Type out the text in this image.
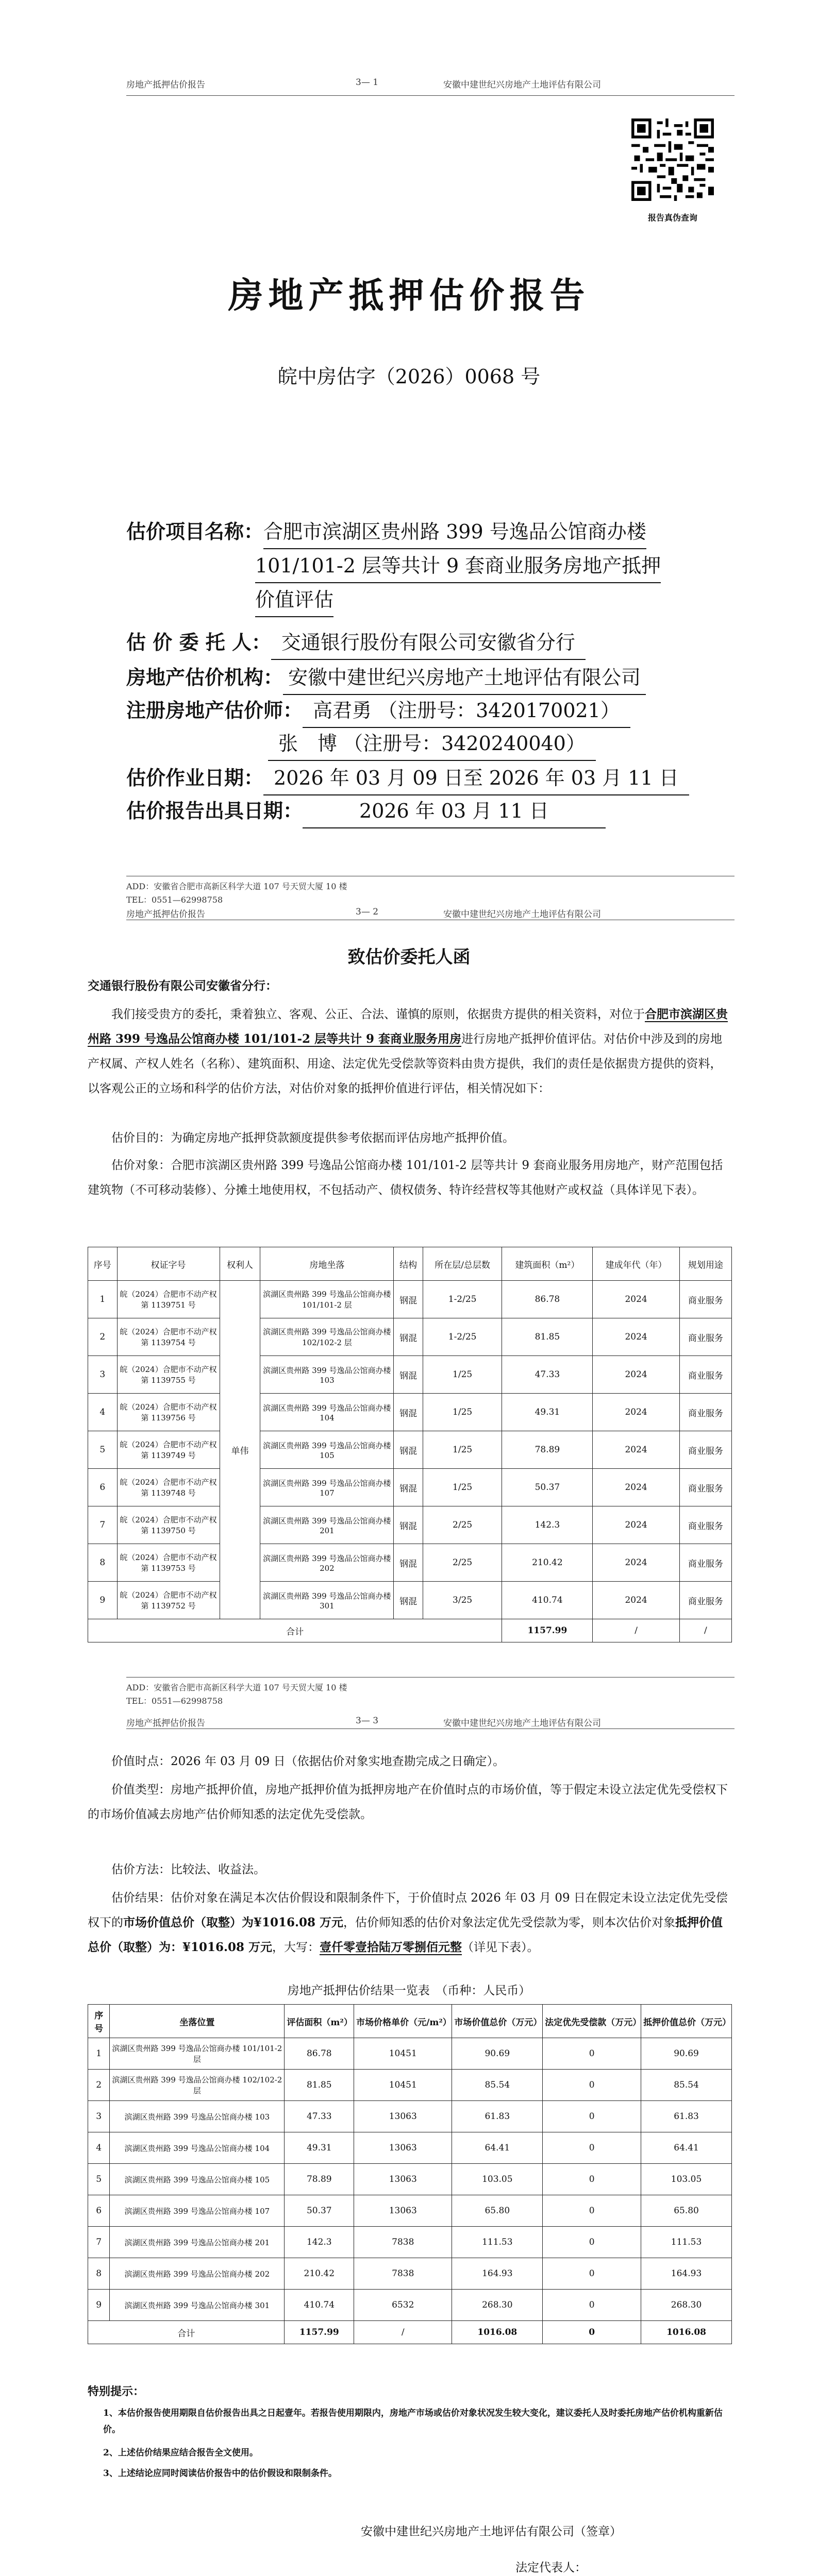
房地产抵押估价报告	3— 1	安徽中建世纪兴房地产土地评估有限公司
报告真伪查询
房地产抵押估价报告
皖中房估字（2026）0068 号
估价项目名称：合肥市滨湖区贵州路 399 号逸品公馆商办楼
101/101-2 层等共计 9 套商业服务房地产抵押
价值评估
估 价 委 托 人： 交通银行股份有限公司安徽省分行
房地产估价机构： 安徽中建世纪兴房地产土地评估有限公司
注册房地产估价师： 高君勇 （注册号：3420170021）
张　博 （注册号：3420240040）
估价作业日期： 2026 年 03 月 09 日至 2026 年 03 月 11 日
估价报告出具日期：	2026 年 03 月 11 日
ADD：安徽省合肥市高新区科学大道 107 号天贸大厦 10 楼
TEL：0551—62998758
房地产抵押估价报告	3— 2	安徽中建世纪兴房地产土地评估有限公司
致估价委托人函
交通银行股份有限公司安徽省分行：
我们接受贵方的委托，秉着独立、客观、公正、合法、谨慎的原则，依据贵方提供的相关资料，对位于合肥市滨湖区贵州路 399 号逸品公馆商办楼 101/101-2 层等共计 9 套商业服务用房进行房地产抵押价值评估。对估价中涉及到的房地产权属、产权人姓名（名称）、建筑面积、用途、法定优先受偿款等资料由贵方提供，我们的责任是依据贵方提供的资料，以客观公正的立场和科学的估价方法，对估价对象的抵押价值进行评估，相关情况如下：
估价目的：为确定房地产抵押贷款额度提供参考依据而评估房地产抵押价值。
估价对象：合肥市滨湖区贵州路 399 号逸品公馆商办楼 101/101-2 层等共计 9 套商业服务用房地产，财产范围包括建筑物（不可移动装修）、分摊土地使用权，不包括动产、债权债务、特许经营权等其他财产或权益（具体详见下表）。
序号	权证字号	权利人	房地坐落	结构	所在层/总层数	建筑面积（m²）	建成年代（年）	规划用途
1	皖（2024）合肥市不动产权第 1139751 号	单伟	滨湖区贵州路 399 号逸品公馆商办楼 101/101-2 层	钢混	1-2/25	86.78	2024	商业服务
2	皖（2024）合肥市不动产权第 1139754 号		滨湖区贵州路 399 号逸品公馆商办楼 102/102-2 层	钢混	1-2/25	81.85	2024	商业服务
3	皖（2024）合肥市不动产权第 1139755 号		滨湖区贵州路 399 号逸品公馆商办楼 103	钢混	1/25	47.33	2024	商业服务
4	皖（2024）合肥市不动产权第 1139756 号		滨湖区贵州路 399 号逸品公馆商办楼 104	钢混	1/25	49.31	2024	商业服务
5	皖（2024）合肥市不动产权第 1139749 号		滨湖区贵州路 399 号逸品公馆商办楼 105	钢混	1/25	78.89	2024	商业服务
6	皖（2024）合肥市不动产权第 1139748 号		滨湖区贵州路 399 号逸品公馆商办楼 107	钢混	1/25	50.37	2024	商业服务
7	皖（2024）合肥市不动产权第 1139750 号		滨湖区贵州路 399 号逸品公馆商办楼 201	钢混	2/25	142.3	2024	商业服务
8	皖（2024）合肥市不动产权第 1139753 号		滨湖区贵州路 399 号逸品公馆商办楼 202	钢混	2/25	210.42	2024	商业服务
9	皖（2024）合肥市不动产权第 1139752 号		滨湖区贵州路 399 号逸品公馆商办楼 301	钢混	3/25	410.74	2024	商业服务
合计						1157.99	/	/
ADD：安徽省合肥市高新区科学大道 107 号天贸大厦 10 楼
TEL：0551—62998758
房地产抵押估价报告	3— 3	安徽中建世纪兴房地产土地评估有限公司
价值时点：2026 年 03 月 09 日（依据估价对象实地查勘完成之日确定）。
价值类型：房地产抵押价值，房地产抵押价值为抵押房地产在价值时点的市场价值，等于假定未设立法定优先受偿权下的市场价值减去房地产估价师知悉的法定优先受偿款。
估价方法：比较法、收益法。
估价结果：估价对象在满足本次估价假设和限制条件下，于价值时点 2026 年 03 月 09 日在假定未设立法定优先受偿权下的市场价值总价（取整）为¥1016.08 万元，估价师知悉的估价对象法定优先受偿款为零，则本次估价对象抵押价值总价（取整）为：¥1016.08 万元，大写：壹仟零壹拾陆万零捌佰元整（详见下表）。
房地产抵押估价结果一览表　 （币种：人民币）
序号	坐落位置	评估面积（m²）	市场价格单价（元/m²）	市场价值总价（万元）	法定优先受偿款（万元）	抵押价值总价（万元）
1	滨湖区贵州路 399 号逸品公馆商办楼 101/101-2 层	86.78	10451	90.69	0	90.69
2	滨湖区贵州路 399 号逸品公馆商办楼 102/102-2 层	81.85	10451	85.54	0	85.54
3	滨湖区贵州路 399 号逸品公馆商办楼 103	47.33	13063	61.83	0	61.83
4	滨湖区贵州路 399 号逸品公馆商办楼 104	49.31	13063	64.41	0	64.41
5	滨湖区贵州路 399 号逸品公馆商办楼 105	78.89	13063	103.05	0	103.05
6	滨湖区贵州路 399 号逸品公馆商办楼 107	50.37	13063	65.80	0	65.80
7	滨湖区贵州路 399 号逸品公馆商办楼 201	142.3	7838	111.53	0	111.53
8	滨湖区贵州路 399 号逸品公馆商办楼 202	210.42	7838	164.93	0	164.93
9	滨湖区贵州路 399 号逸品公馆商办楼 301	410.74	6532	268.30	0	268.30
合计		1157.99	/	1016.08	0	1016.08
特别提示：
1、本估价报告使用期限自估价报告出具之日起壹年。若报告使用期限内，房地产市场或估价对象状况发生较大变化，建议委托人及时委托房地产估价机构重新估价。
2、上述估价结果应结合报告全文使用。
3、上述结论应同时阅读估价报告中的估价假设和限制条件。
安徽中建世纪兴房地产土地评估有限公司（签章）
法定代表人：
